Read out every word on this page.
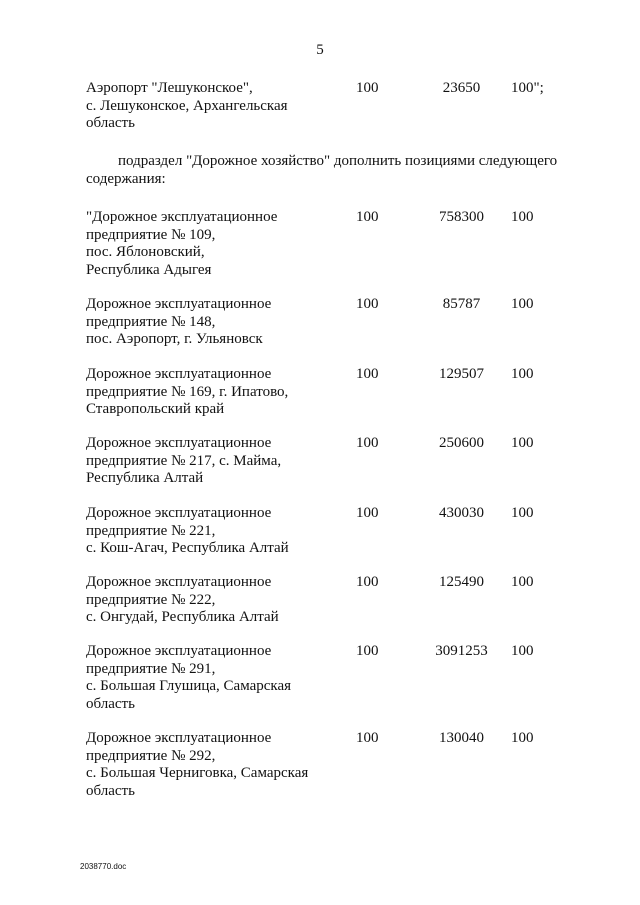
5
Аэропорт "Лешуконское",
с. Лешуконское, Архангельская
область
100	23650	100";
подраздел "Дорожное хозяйство" дополнить позициями следующего
содержания:
"Дорожное эксплуатационное
предприятие № 109,
пос. Яблоновский,
Республика Адыгея
100	758300	100
Дорожное эксплуатационное
предприятие № 148,
пос. Аэропорт, г. Ульяновск
100	85787	100
Дорожное эксплуатационное
предприятие № 169, г. Ипатово,
Ставропольский край
100	129507	100
Дорожное эксплуатационное
предприятие № 217, с. Майма,
Республика Алтай
100	250600	100
Дорожное эксплуатационное
предприятие № 221,
с. Кош-Агач, Республика Алтай
100	430030	100
Дорожное эксплуатационное
предприятие № 222,
с. Онгудай, Республика Алтай
100	125490	100
Дорожное эксплуатационное
предприятие № 291,
с. Большая Глушица, Самарская
область
100	3091253	100
Дорожное эксплуатационное
предприятие № 292,
с. Большая Черниговка, Самарская
область
100	130040	100
2038770.doc
